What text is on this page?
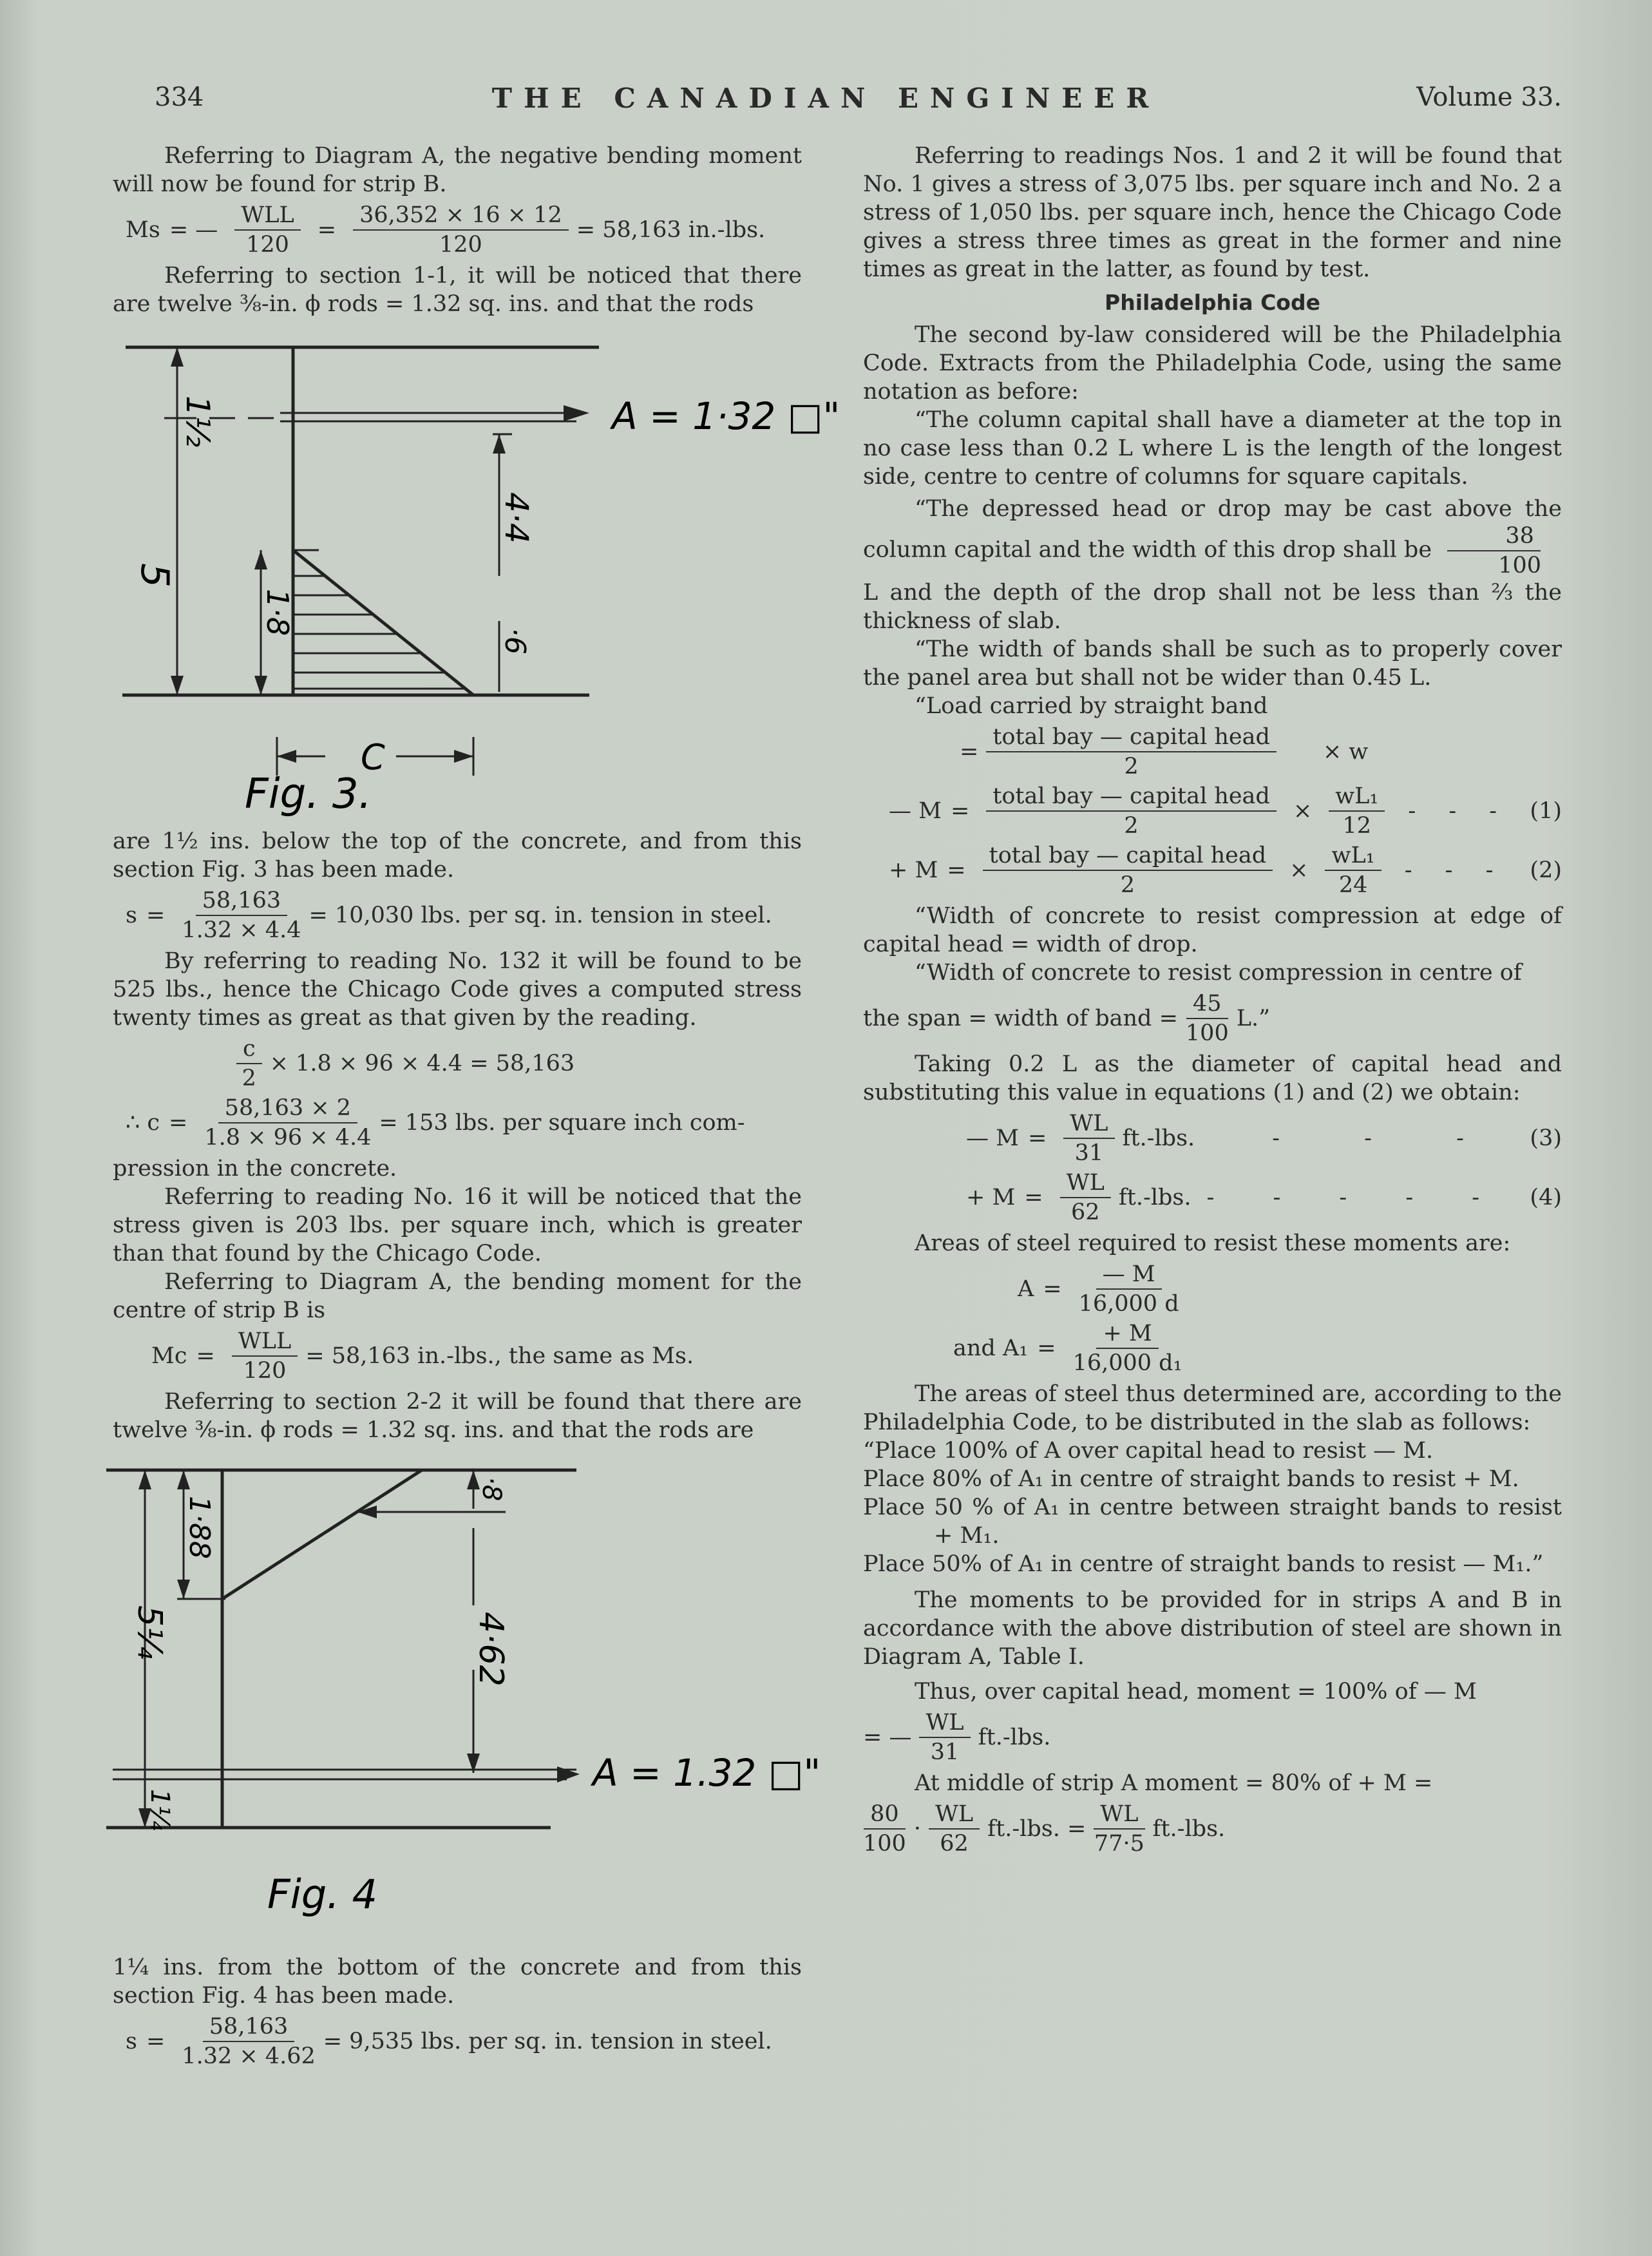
334	THE CANADIAN ENGINEER	Volume 33.

Referring to Diagram A, the negative bending moment will now be found for strip B.

Ms = — $\frac{\text{WLL}}{120} = \frac{36,352 \times 16 \times 12}{120} = 58,163$ in.-lbs.

Referring to section 1-1, it will be noticed that there are twelve ⅜-in. ϕ rods = 1.32 sq. ins. and that the rods

1½
5
1·8
4·4
·6
A = 1·32 □"
C
Fig. 3.

are 1½ ins. below the top of the concrete, and from this section Fig. 3 has been made.

$s = \frac{58,163}{1.32 \times 4.4} = 10,030$ lbs. per sq. in. tension in steel.

By referring to reading No. 132 it will be found to be 525 lbs., hence the Chicago Code gives a computed stress twenty times as great as that given by the reading.

$\frac{c}{2} \times 1.8 \times 96 \times 4.4 = 58,163$
∴ $c = \frac{58,163 \times 2}{1.8 \times 96 \times 4.4} = 153$ lbs. per square inch com-

pression in the concrete.

Referring to reading No. 16 it will be noticed that the stress given is 203 lbs. per square inch, which is greater than that found by the Chicago Code.

Referring to Diagram A, the bending moment for the centre of strip B is

$Mc = \frac{\text{WLL}}{120} = 58,163$ in.-lbs., the same as Ms.

Referring to section 2-2 it will be found that there are twelve ⅜-in. ϕ rods = 1.32 sq. ins. and that the rods are

1·88
5¼	4·62
·8
1¼
A = 1.32 □"
Fig. 4

1¼ ins. from the bottom of the concrete and from this section Fig. 4 has been made.

$s = \frac{58,163}{1.32 \times 4.62} = 9,535$ lbs. per sq. in. tension in steel.

Referring to readings Nos. 1 and 2 it will be found that No. 1 gives a stress of 3,075 lbs. per square inch and No. 2 a stress of 1,050 lbs. per square inch, hence the Chicago Code gives a stress three times as great in the former and nine times as great in the latter, as found by test.

Philadelphia Code

The second by-law considered will be the Philadelphia Code. Extracts from the Philadelphia Code, using the same notation as before:

“The column capital shall have a diameter at the top in no case less than 0.2 L where L is the length of the longest side, centre to centre of columns for square capitals.

“The depressed head or drop may be cast above the column capital and the width of this drop shall be $\frac{38}{100}$

L and the depth of the drop shall not be less than ⅔ the thickness of slab.

“The width of bands shall be such as to properly cover the panel area but shall not be wider than 0.45 L.

“Load carried by straight band

= $\frac{\text{total bay — capital head}}{2} \times w$
— $M = \frac{\text{total bay — capital head}}{2} \times \frac{\text{wL₁}}{12}$ - - - (1)
+ $M = \frac{\text{total bay — capital head}}{2} \times \frac{\text{wL₁}}{24}$ - - - (2)

“Width of concrete to resist compression at edge of capital head = width of drop.

“Width of concrete to resist compression in centre of

the span = width of band = $\frac{45}{100} L$.”

Taking 0.2 L as the diameter of capital head and substituting this value in equations (1) and (2) we obtain:

— $M = \frac{WL}{31} ft.-lbs$.	- - - (3)
+ $M = \frac{WL}{62} ft.-lbs$. - - - - - (4)

Areas of steel required to resist these moments are:

$A = \frac{— M}{16,000 d}$
and $A_1 = \frac{+ M}{\text{16,000 d₁}}$

The areas of steel thus determined are, according to the Philadelphia Code, to be distributed in the slab as follows:

“Place 100% of A over capital head to resist — M.

Place 80% of A₁ in centre of straight bands to resist + M.

Place 50 % of A₁ in centre between straight bands to resist + M₁.

Place 50% of A₁ in centre of straight bands to resist — M₁.”

The moments to be provided for in strips A and B in accordance with the above distribution of steel are shown in Diagram A, Table I.

Thus, over capital head, moment = 100% of — M

= — $\frac{WL}{31} ft.-lbs$.

At middle of strip A moment = 80% of + M =

$\frac{80}{100} \cdot \frac{WL}{62} ft.-lbs$. = $\frac{WL}{77\cdot 5} ft.-lbs$.
